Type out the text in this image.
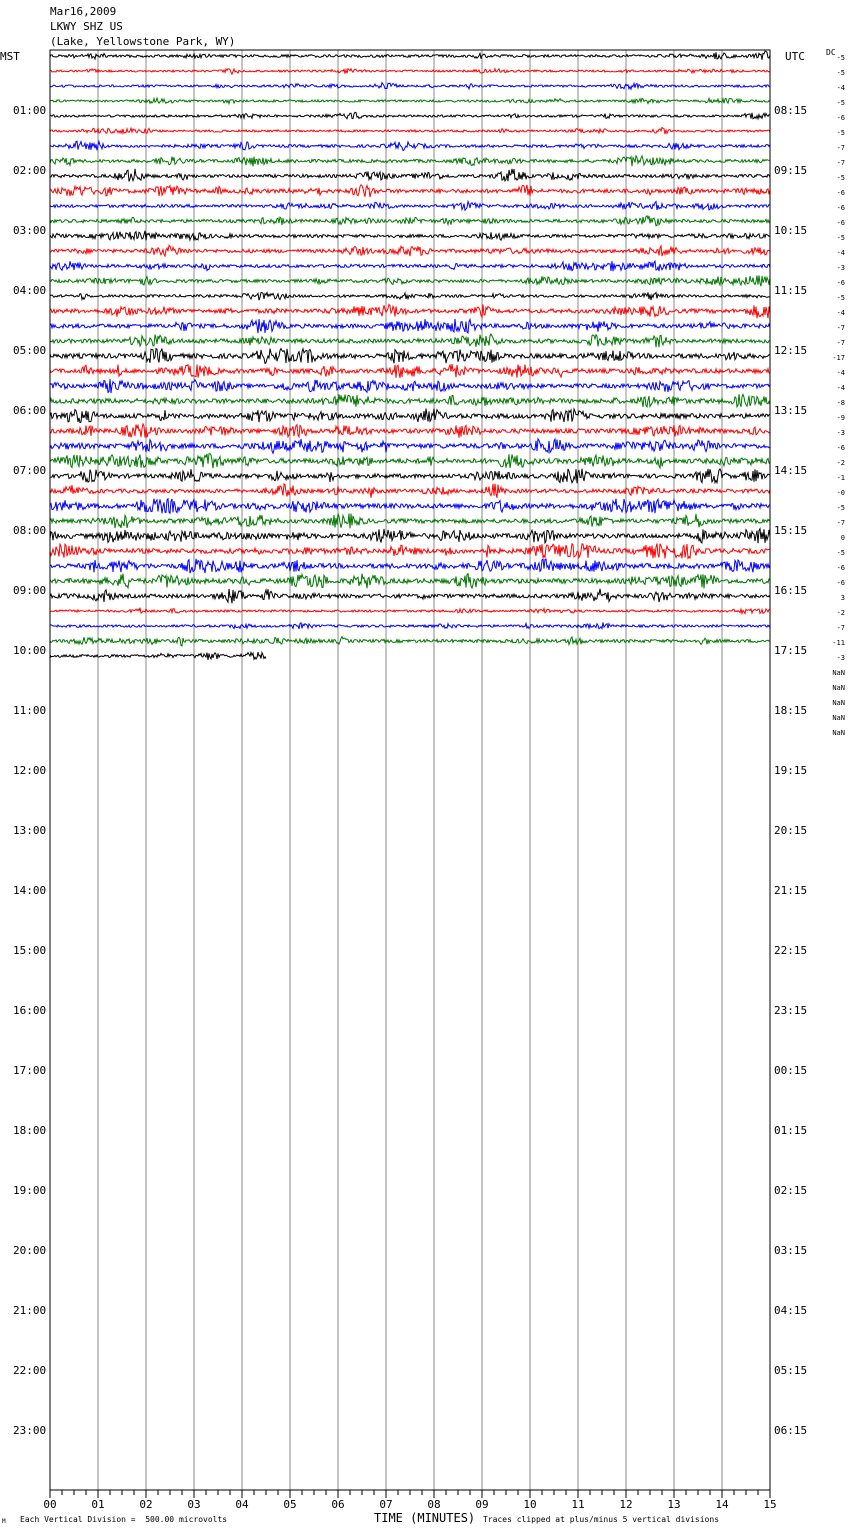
Mar16,2009
LKWY SHZ US
(Lake, Yellowstone Park, WY)
MST	UTC	DC
00	01	02	03	04	05	06	07	08	09	10	11	12	13	14	15
01:00
02:00
03:00
04:00
05:00
06:00
07:00
08:00
09:00
10:00
11:00
12:00
13:00
14:00
15:00
16:00
17:00
18:00
19:00
20:00
21:00
22:00
23:00
08:15
09:15
10:15
11:15
12:15
13:15
14:15
15:15
16:15
17:15
18:15
19:15
20:15
21:15
22:15
23:15
00:15
01:15
02:15
03:15
04:15
05:15
06:15
-5
-5
-4
-5
-6
-5
-7
-7
-5
-6
-6
-6
-5
-4
-3
-6
-5
-4
-7
-7
-17
-4
-4
-8
-9
-3
-6
-2
-1
-0
-5
-7
0
-5
-6
-6
3
-2
-7
-11
-3
NaN
NaN
NaN
NaN
NaN
M Each Vertical Division =  500.00 microvolts	TIME (MINUTES) Traces clipped at plus/minus 5 vertical divisions
